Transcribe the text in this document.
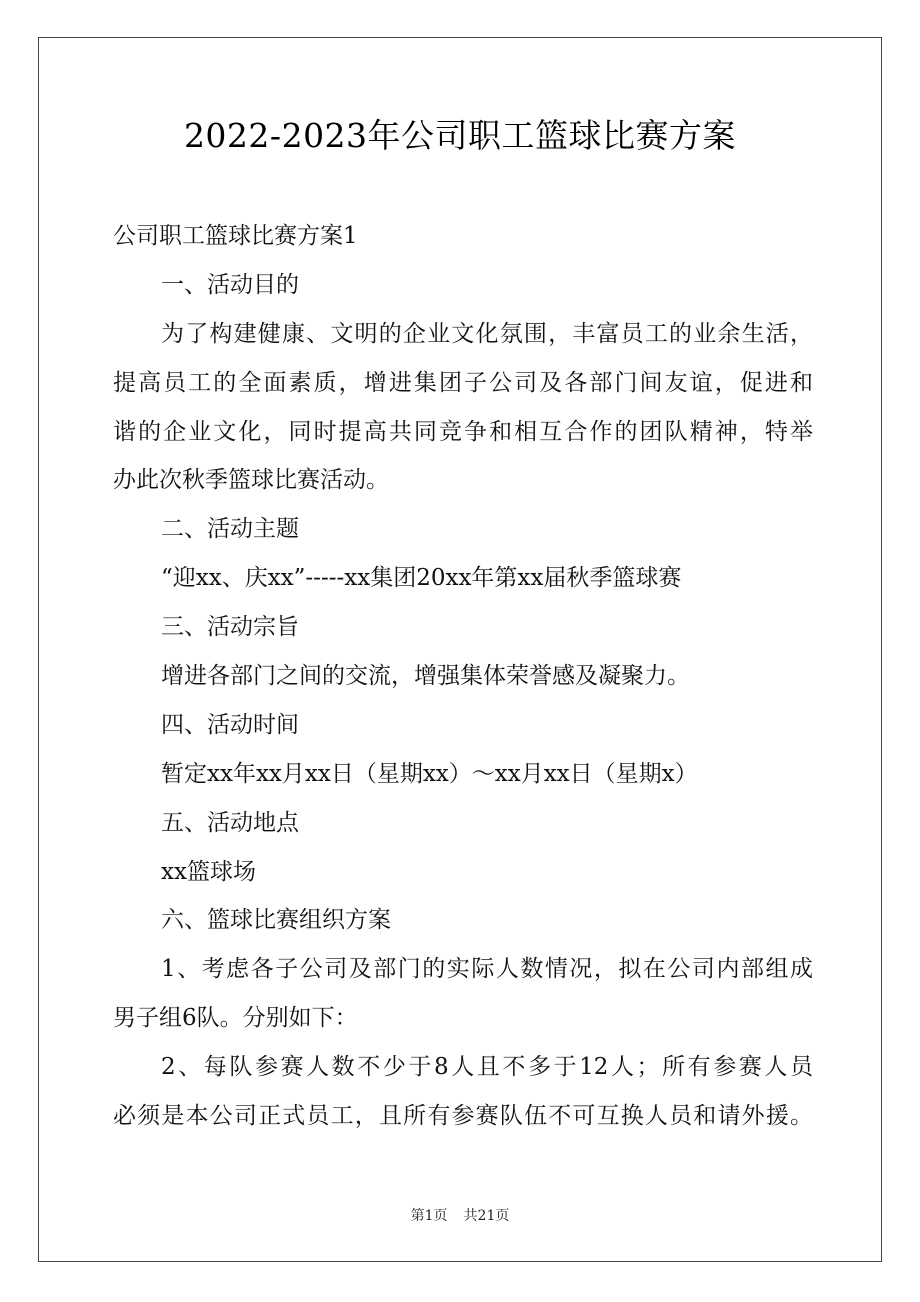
2022-2023年公司职工篮球比赛方案

公司职工篮球比赛方案1

一、活动目的

为了构建健康、文明的企业文化氛围，丰富员工的业余生活，

提高员工的全面素质，增进集团子公司及各部门间友谊，促进和

谐的企业文化，同时提高共同竞争和相互合作的团队精神，特举

办此次秋季篮球比赛活动。

二、活动主题

“迎xx、庆xx”-----xx集团20xx年第xx届秋季篮球赛

三、活动宗旨

增进各部门之间的交流，增强集体荣誉感及凝聚力。

四、活动时间

暂定xx年xx月xx日（星期xx）～xx月xx日（星期x）

五、活动地点

xx篮球场

六、篮球比赛组织方案

1、考虑各子公司及部门的实际人数情况，拟在公司内部组成

男子组6队。分别如下：

2、每队参赛人数不少于8人且不多于12人；所有参赛人员

必须是本公司正式员工，且所有参赛队伍不可互换人员和请外援。

第1页 共21页
